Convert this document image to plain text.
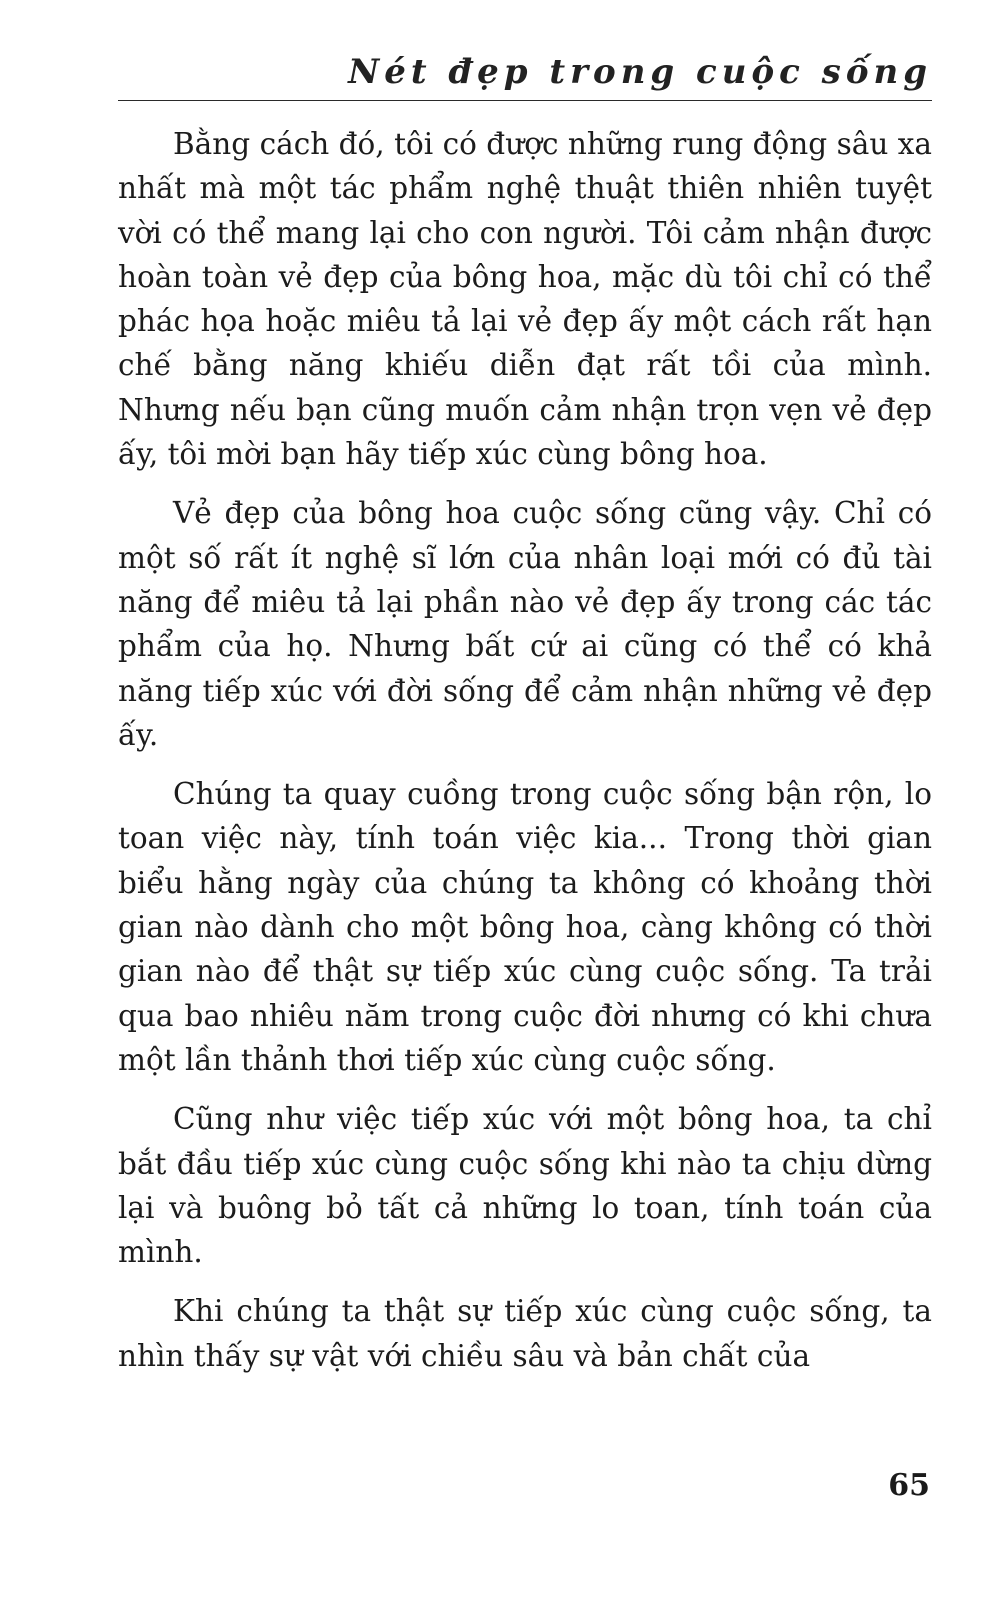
Nét đẹp trong cuộc sống

Bằng cách đó, tôi có được những rung động sâu xa nhất mà một tác phẩm nghệ thuật thiên nhiên tuyệt vời có thể mang lại cho con người. Tôi cảm nhận được hoàn toàn vẻ đẹp của bông hoa, mặc dù tôi chỉ có thể phác họa hoặc miêu tả lại vẻ đẹp ấy một cách rất hạn chế bằng năng khiếu diễn đạt rất tồi của mình. Nhưng nếu bạn cũng muốn cảm nhận trọn vẹn vẻ đẹp ấy, tôi mời bạn hãy tiếp xúc cùng bông hoa.

Vẻ đẹp của bông hoa cuộc sống cũng vậy. Chỉ có một số rất ít nghệ sĩ lớn của nhân loại mới có đủ tài năng để miêu tả lại phần nào vẻ đẹp ấy trong các tác phẩm của họ. Nhưng bất cứ ai cũng có thể có khả năng tiếp xúc với đời sống để cảm nhận những vẻ đẹp ấy.

Chúng ta quay cuồng trong cuộc sống bận rộn, lo toan việc này, tính toán việc kia... Trong thời gian biểu hằng ngày của chúng ta không có khoảng thời gian nào dành cho một bông hoa, càng không có thời gian nào để thật sự tiếp xúc cùng cuộc sống. Ta trải qua bao nhiêu năm trong cuộc đời nhưng có khi chưa một lần thảnh thơi tiếp xúc cùng cuộc sống.

Cũng như việc tiếp xúc với một bông hoa, ta chỉ bắt đầu tiếp xúc cùng cuộc sống khi nào ta chịu dừng lại và buông bỏ tất cả những lo toan, tính toán của mình.

Khi chúng ta thật sự tiếp xúc cùng cuộc sống, ta nhìn thấy sự vật với chiều sâu và bản chất của

65
